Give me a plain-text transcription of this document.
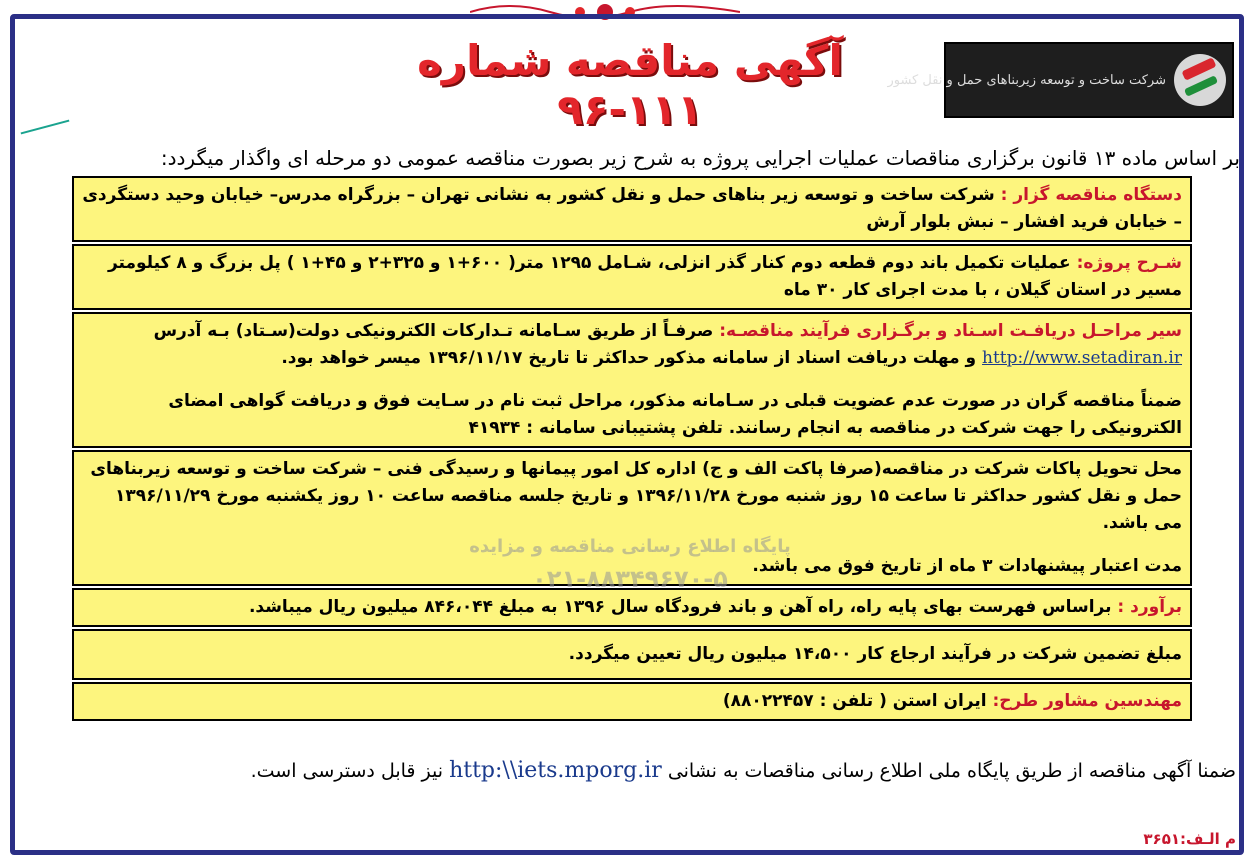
شرکت ساخت و توسعه زیربناهای حمل و نقل کشور
آگهی مناقصه شماره ۱۱۱-۹۶
بر اساس ماده ۱۳ قانون برگزاری مناقصات عملیات اجرایی پروژه به شرح زیر بصورت مناقصه عمومی دو مرحله ای واگذار میگردد:
دستگاه مناقصه گزار : شرکت ساخت و توسعه زیر بناهای حمل و نقل کشور به نشانی تهران – بزرگراه مدرس– خیابان وحید دستگردی – خیابان فرید افشار – نبش بلوار آرش
شـرح پروژه: عملیات تکمیل باند دوم قطعه دوم کنار گذر انزلی، شـامل ۱۲۹۵ متر( ۶۰۰+۱ و ۳۲۵+۲ و ۴۵+۱ ) پل بزرگ و ۸ کیلومتر مسیر در استان گیلان ، با مدت اجرای کار ۳۰ ماه
سیر مراحـل دریافـت اسـناد و برگـزاری فرآیند مناقصـه: صرفـاً از طریق سـامانه تـدارکات الکترونیکی دولت(سـتاد) بـه آدرس http://www.setadiran.ir و مهلت دریافت اسناد از سامانه مذکور حداکثر تا تاریخ ۱۳۹۶/۱۱/۱۷ میسر خواهد بود.
ضمناً مناقصه گران در صورت عدم عضویت قبلی در سـامانه مذکور، مراحل ثبت نام در سـایت فوق و دریافت گواهی امضای الکترونیکی را جهت شرکت در مناقصه به انجام رسانند. تلفن پشتیبانی سامانه : ۴۱۹۳۴
محل تحویل پاکات شرکت در مناقصه(صرفا پاکت الف و ج) اداره کل امور پیمانها و رسیدگی فنی – شرکت ساخت و توسعه زیربناهای حمل و نقل کشور حداکثر تا ساعت ۱۵ روز شنبه مورخ ۱۳۹۶/۱۱/۲۸ و تاریخ جلسه مناقصه ساعت ۱۰ روز یکشنبه مورخ ۱۳۹۶/۱۱/۲۹ می باشد.
مدت اعتبار پیشنهادات ۳ ماه از تاریخ فوق می باشد.
برآورد : براساس فهرست بهای پایه راه، راه آهن و باند فرودگاه سال ۱۳۹۶ به مبلغ ۸۴۶،۰۴۴ میلیون ریال میباشد.
مبلغ تضمین شرکت در فرآیند ارجاع کار ۱۴،۵۰۰ میلیون ریال تعیین میگردد.
مهندسین مشاور طرح: ایران استن ( تلفن : ۸۸۰۲۲۴۵۷)
پایگاه اطلاع رسانی مناقصه و مزایده
۰۲۱-۸۸۳۴۹۶۷۰-۵
ضمنا آگهی مناقصه از طریق پایگاه ملی اطلاع رسانی مناقصات به نشانی http:\\iets.mporg.ir نیز قابل دسترسی است.
م الـف:۳۶۵۱
